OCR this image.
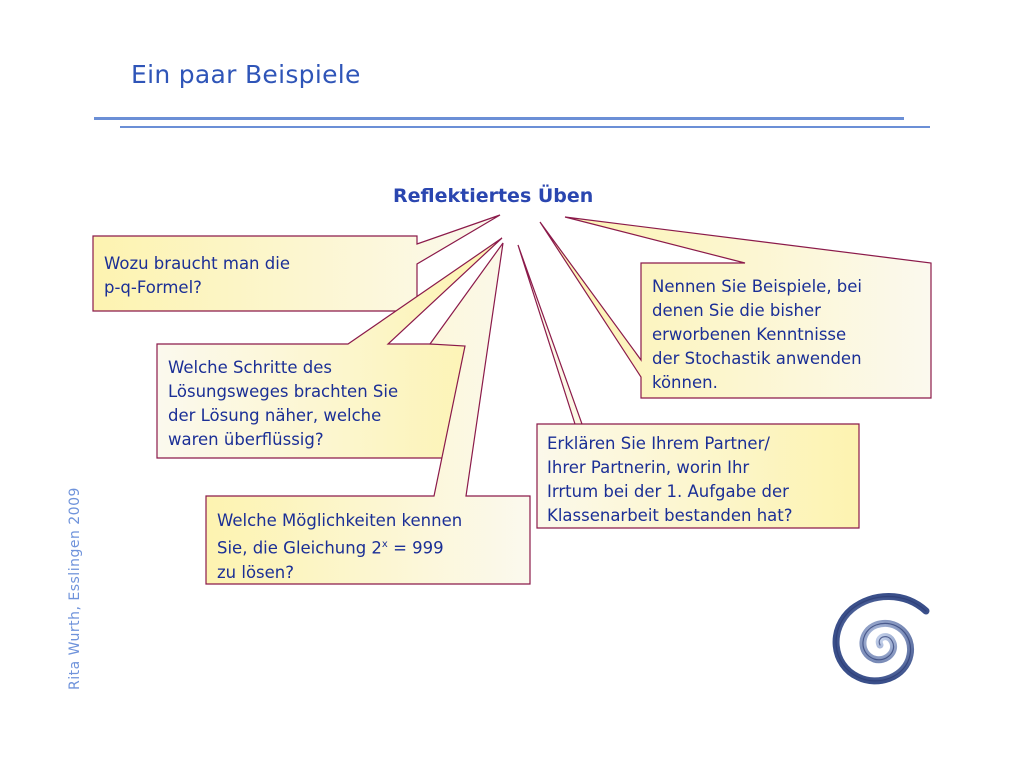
Ein paar Beispiele
Reflektiertes Üben
Wozu braucht man die
p-q-Formel?
Welche Schritte des
Lösungsweges brachten Sie
der Lösung näher, welche
waren überflüssig?
Welche Möglichkeiten kennen
Sie, die Gleichung $2^x = 999$
zu lösen?
Erklären Sie Ihrem Partner/
Ihrer Partnerin, worin Ihr
Irrtum bei der 1. Aufgabe der
Klassenarbeit bestanden hat?
Nennen Sie Beispiele, bei
denen Sie die bisher
erworbenen Kenntnisse
der Stochastik anwenden
können.
Rita Wurth, Esslingen 2009
